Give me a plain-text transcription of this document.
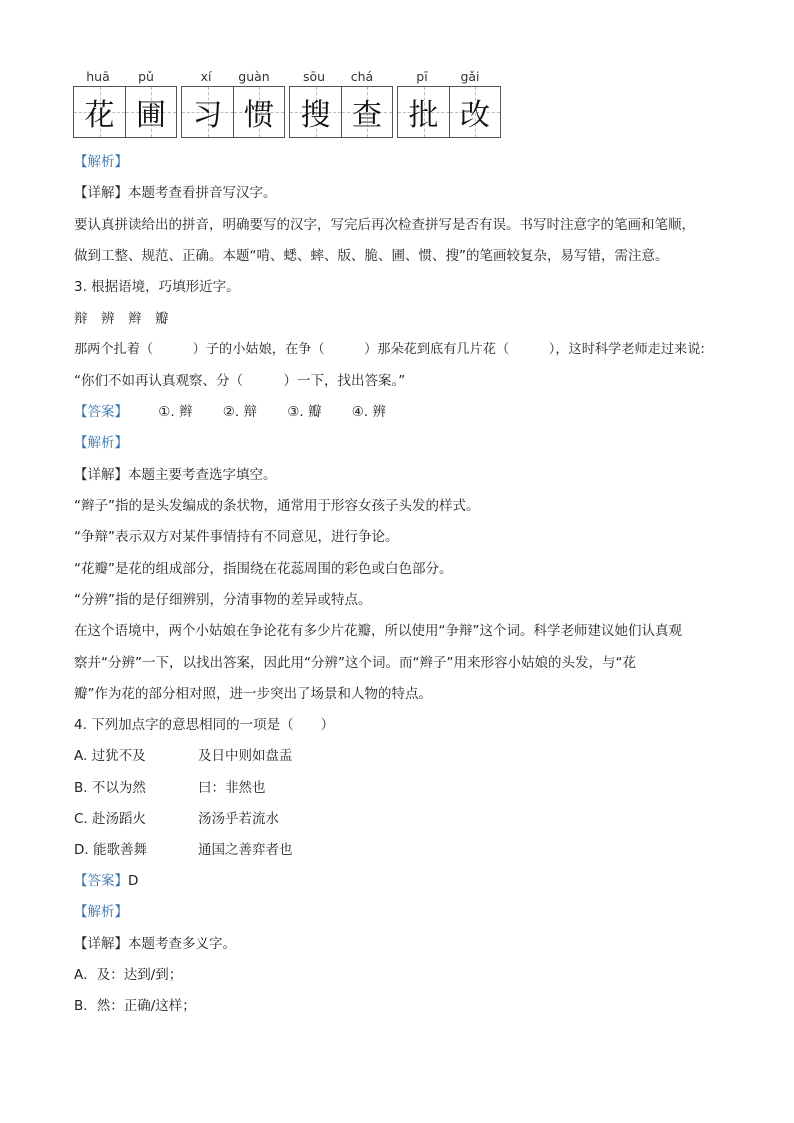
huā	pǔ	xí	guàn	sōu	chá	pī	gǎi
花 圃 习 惯 搜 查 批 改
【解析】
【详解】本题考查看拼音写汉字。
要认真拼读给出的拼音，明确要写的汉字，写完后再次检查拼写是否有误。书写时注意字的笔画和笔顺，
做到工整、规范、正确。本题“啃、蟋、蟀、版、脆、圃、惯、搜”的笔画较复杂，易写错，需注意。
3. 根据语境，巧填形近字。
辩　辨　辫　瓣
那两个扎着（　　　）子的小姑娘，在争（　　　）那朵花到底有几片花（　　　），这时科学老师走过来说:
“你们不如再认真观察、分（　　　）一下，找出答案。”
【答案】 ①. 辫 ②. 辩 ③. 瓣 ④. 辨
【解析】
【详解】本题主要考查选字填空。
“辫子”指的是头发编成的条状物，通常用于形容女孩子头发的样式。
“争辩”表示双方对某件事情持有不同意见，进行争论。
“花瓣”是花的组成部分，指围绕在花蕊周围的彩色或白色部分。
“分辨”指的是仔细辨别，分清事物的差异或特点。
在这个语境中，两个小姑娘在争论花有多少片花瓣，所以使用“争辩”这个词。科学老师建议她们认真观
察并“分辨”一下，以找出答案，因此用“分辨”这个词。而“辫子”用来形容小姑娘的头发，与“花
瓣”作为花的部分相对照，进一步突出了场景和人物的特点。
4. 下列加点字的意思相同的一项是（　　）
A. 过犹不及	及日中则如盘盂
B. 不以为然	曰：非然也
C. 赴汤蹈火	汤汤乎若流水
D. 能歌善舞	通国之善弈者也
【答案】D
【解析】
【详解】本题考查多义字。
A．及：达到/到；
B．然：正确/这样；
